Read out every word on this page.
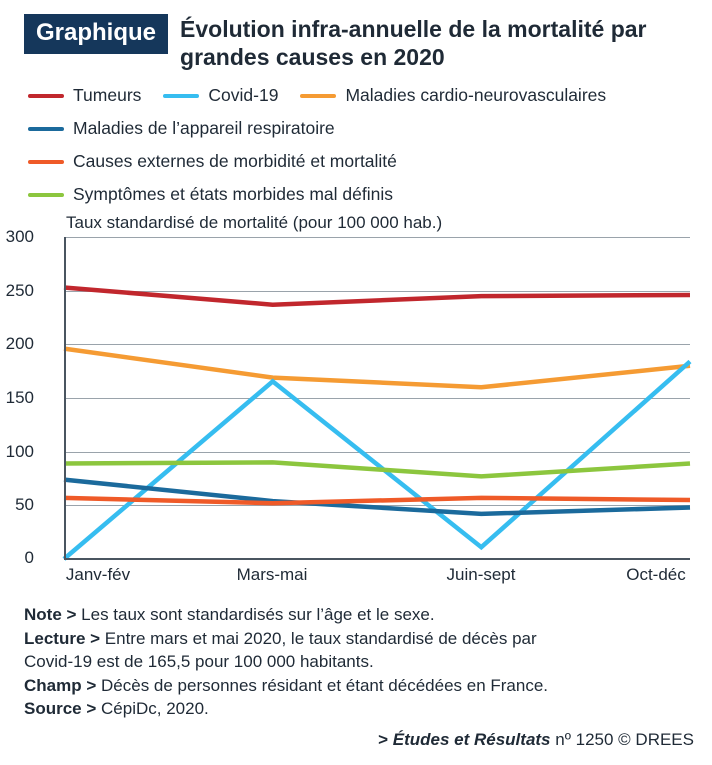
Graphique	Évolution infra-annuelle de la mortalité par grandes causes en 2020
Tumeurs	Covid-19	Maladies cardio-neurovasculaires
Maladies de l’appareil respiratoire
Causes externes de morbidité et mortalité
Symptômes et états morbides mal définis
Taux standardisé de mortalité (pour 100 000 hab.)
300
250
200
150
100
50
0
Janv-fév	Mars-mai	Juin-sept	Oct-déc
Note > Les taux sont standardisés sur l’âge et le sexe.
Lecture > Entre mars et mai 2020, le taux standardisé de décès par
Covid-19 est de 165,5 pour 100 000 habitants.
Champ > Décès de personnes résidant et étant décédées en France.
Source > CépiDc, 2020.
> Études et Résultats nº 1250 © DREES
